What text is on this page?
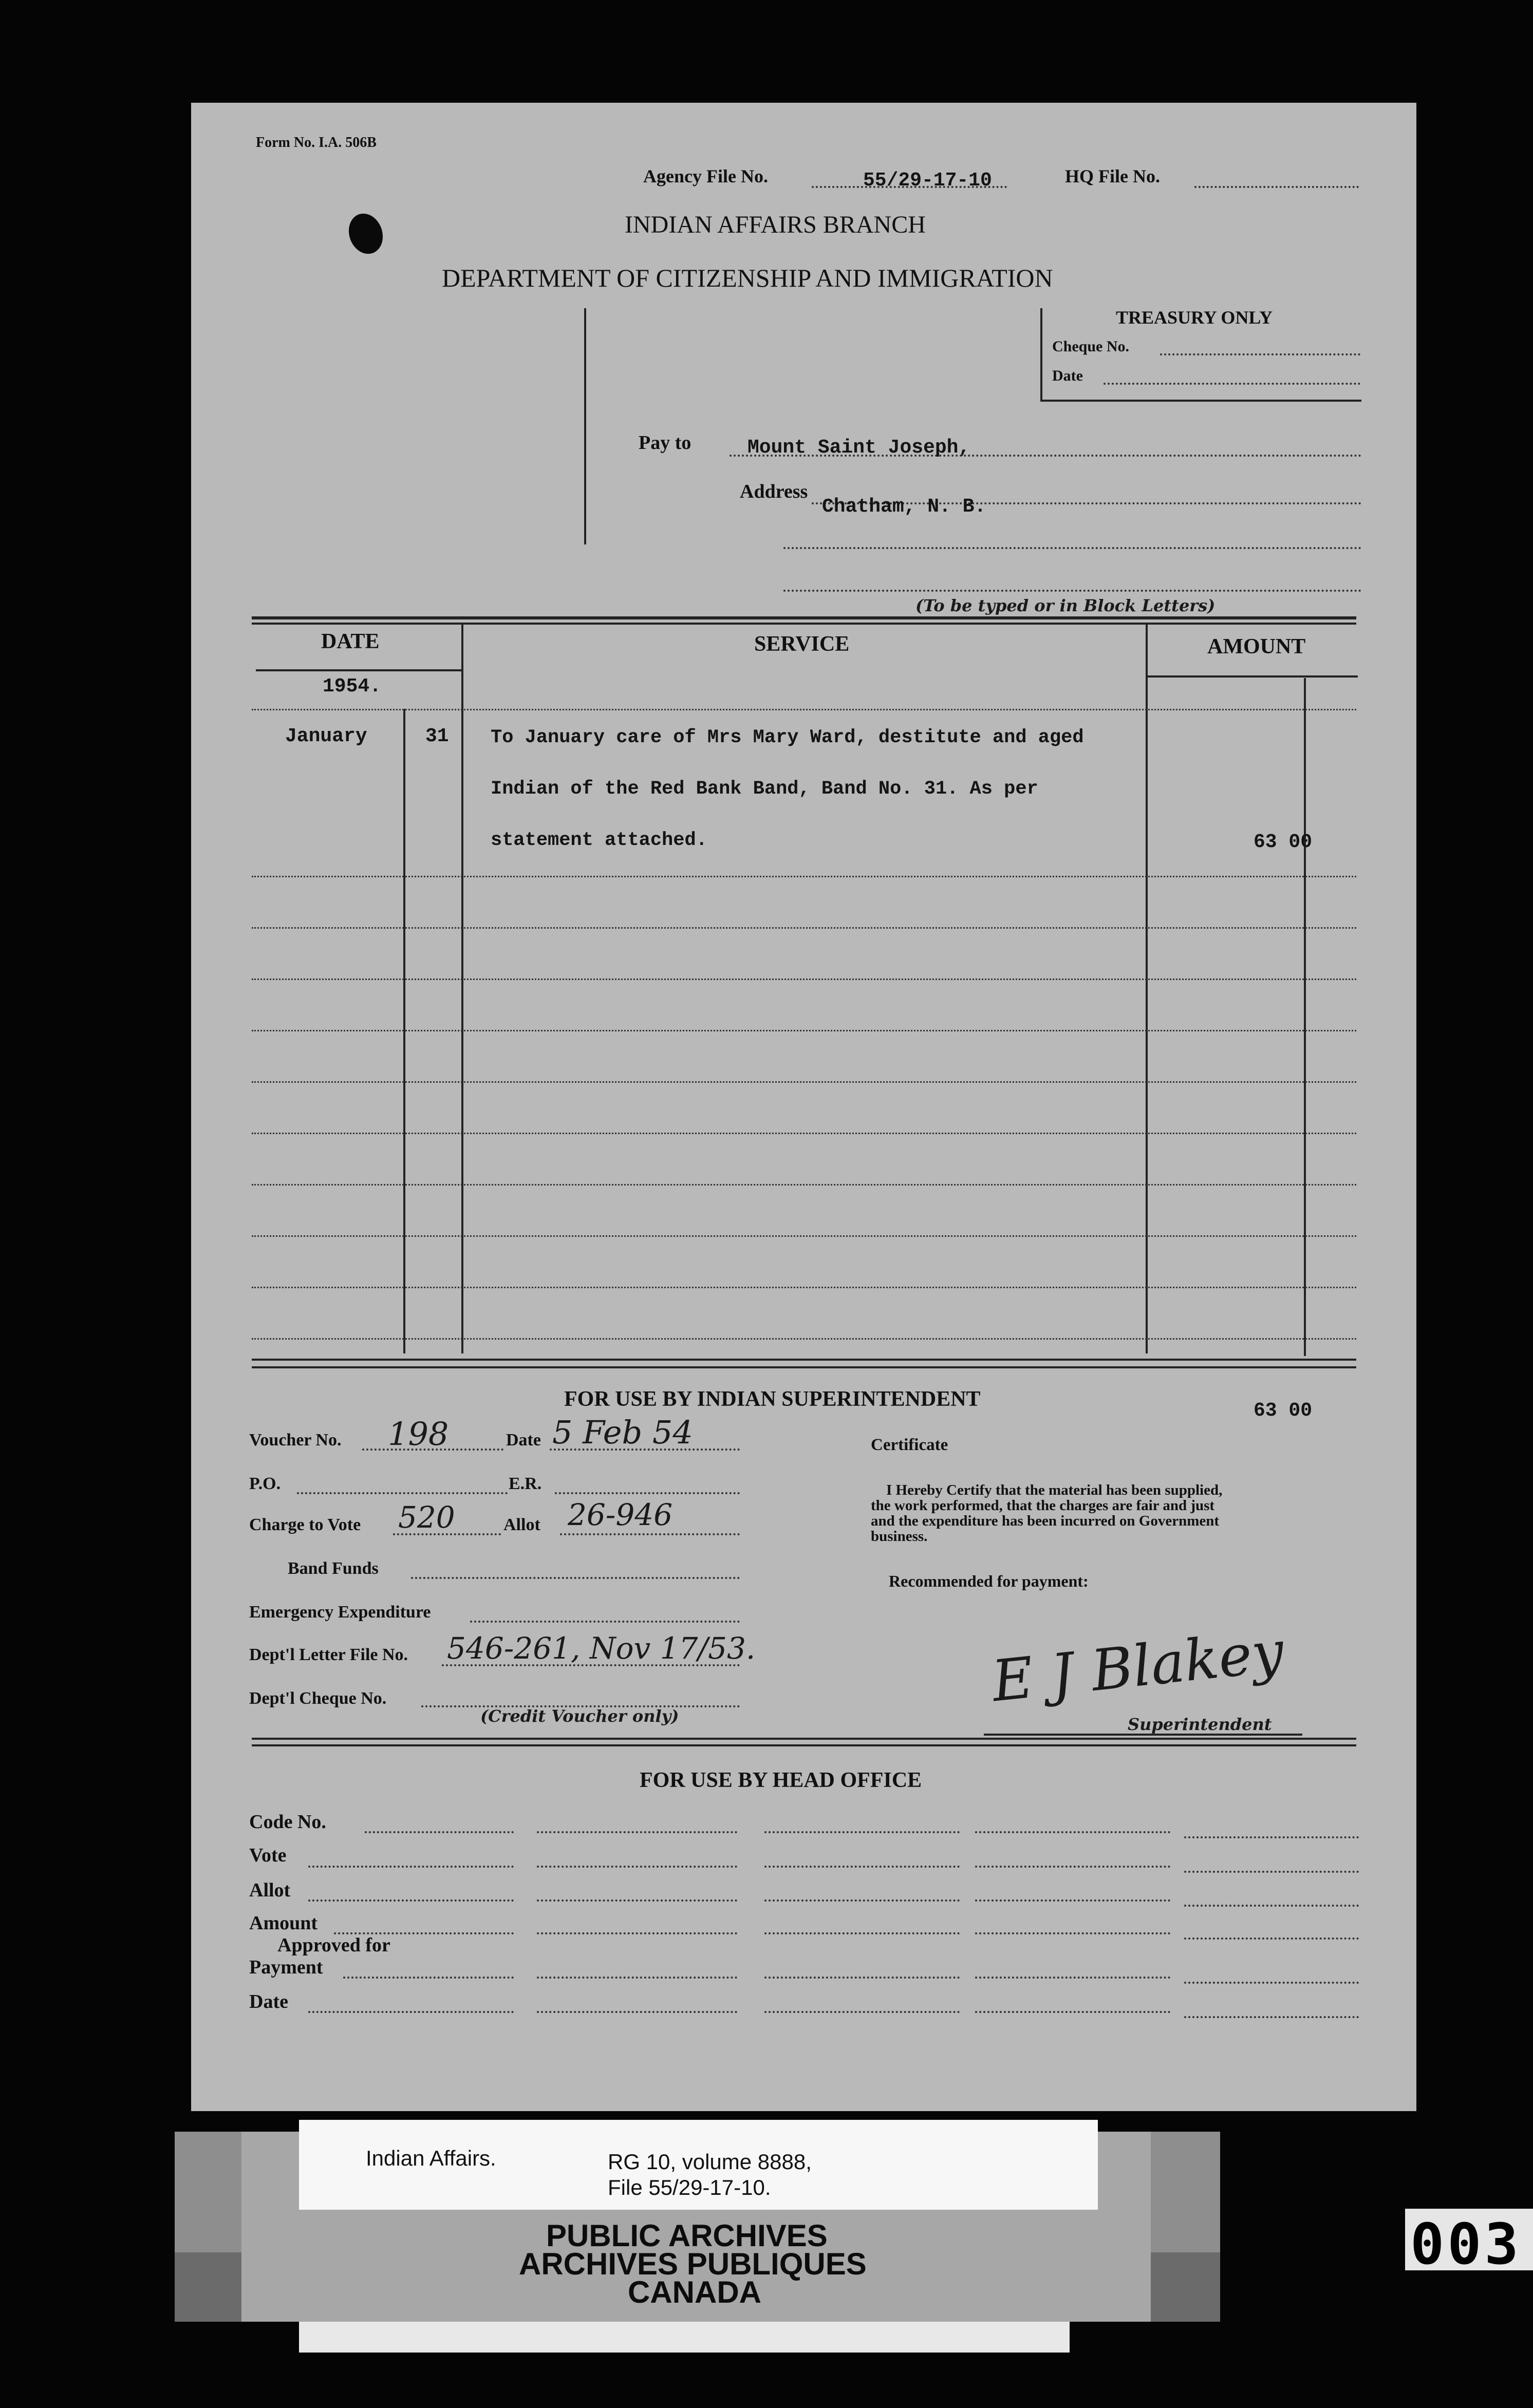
Form No. I.A. 506B
Agency File No.	55/29-17-10	HQ File No.
INDIAN AFFAIRS BRANCH
DEPARTMENT OF CITIZENSHIP AND IMMIGRATION
TREASURY ONLY
Cheque No.
Date
Pay to	Mount Saint Joseph,
Address
Chatham, N. B.
(To be typed or in Block Letters)
DATE	SERVICE	AMOUNT
1954.
January	31 To January care of Mrs Mary Ward, destitute and aged
Indian of the Red Bank Band, Band No. 31. As per
statement attached.	63 00
FOR USE BY INDIAN SUPERINTENDENT	63 00
Voucher No. 198	Date 5 Feb 54
P.O.	E.R.
Charge to Vote 520	Allot 26-946
Band Funds
Emergency Expenditure
Dept'l Letter File No. 546-261, Nov 17/53.
Dept'l Cheque No.
(Credit Voucher only)
Certificate
I Hereby Certify that the material has been supplied,
the work performed, that the charges are fair and just
and the expenditure has been incurred on Government
business.
Recommended for payment:
E J Blakey
Superintendent
FOR USE BY HEAD OFFICE
Code No.
Vote
Allot
Amount
Approved for
Payment
Date
Indian Affairs.	RG 10, volume 8888,
File 55/29-17-10.
PUBLIC ARCHIVES
ARCHIVES PUBLIQUES
CANADA
003
